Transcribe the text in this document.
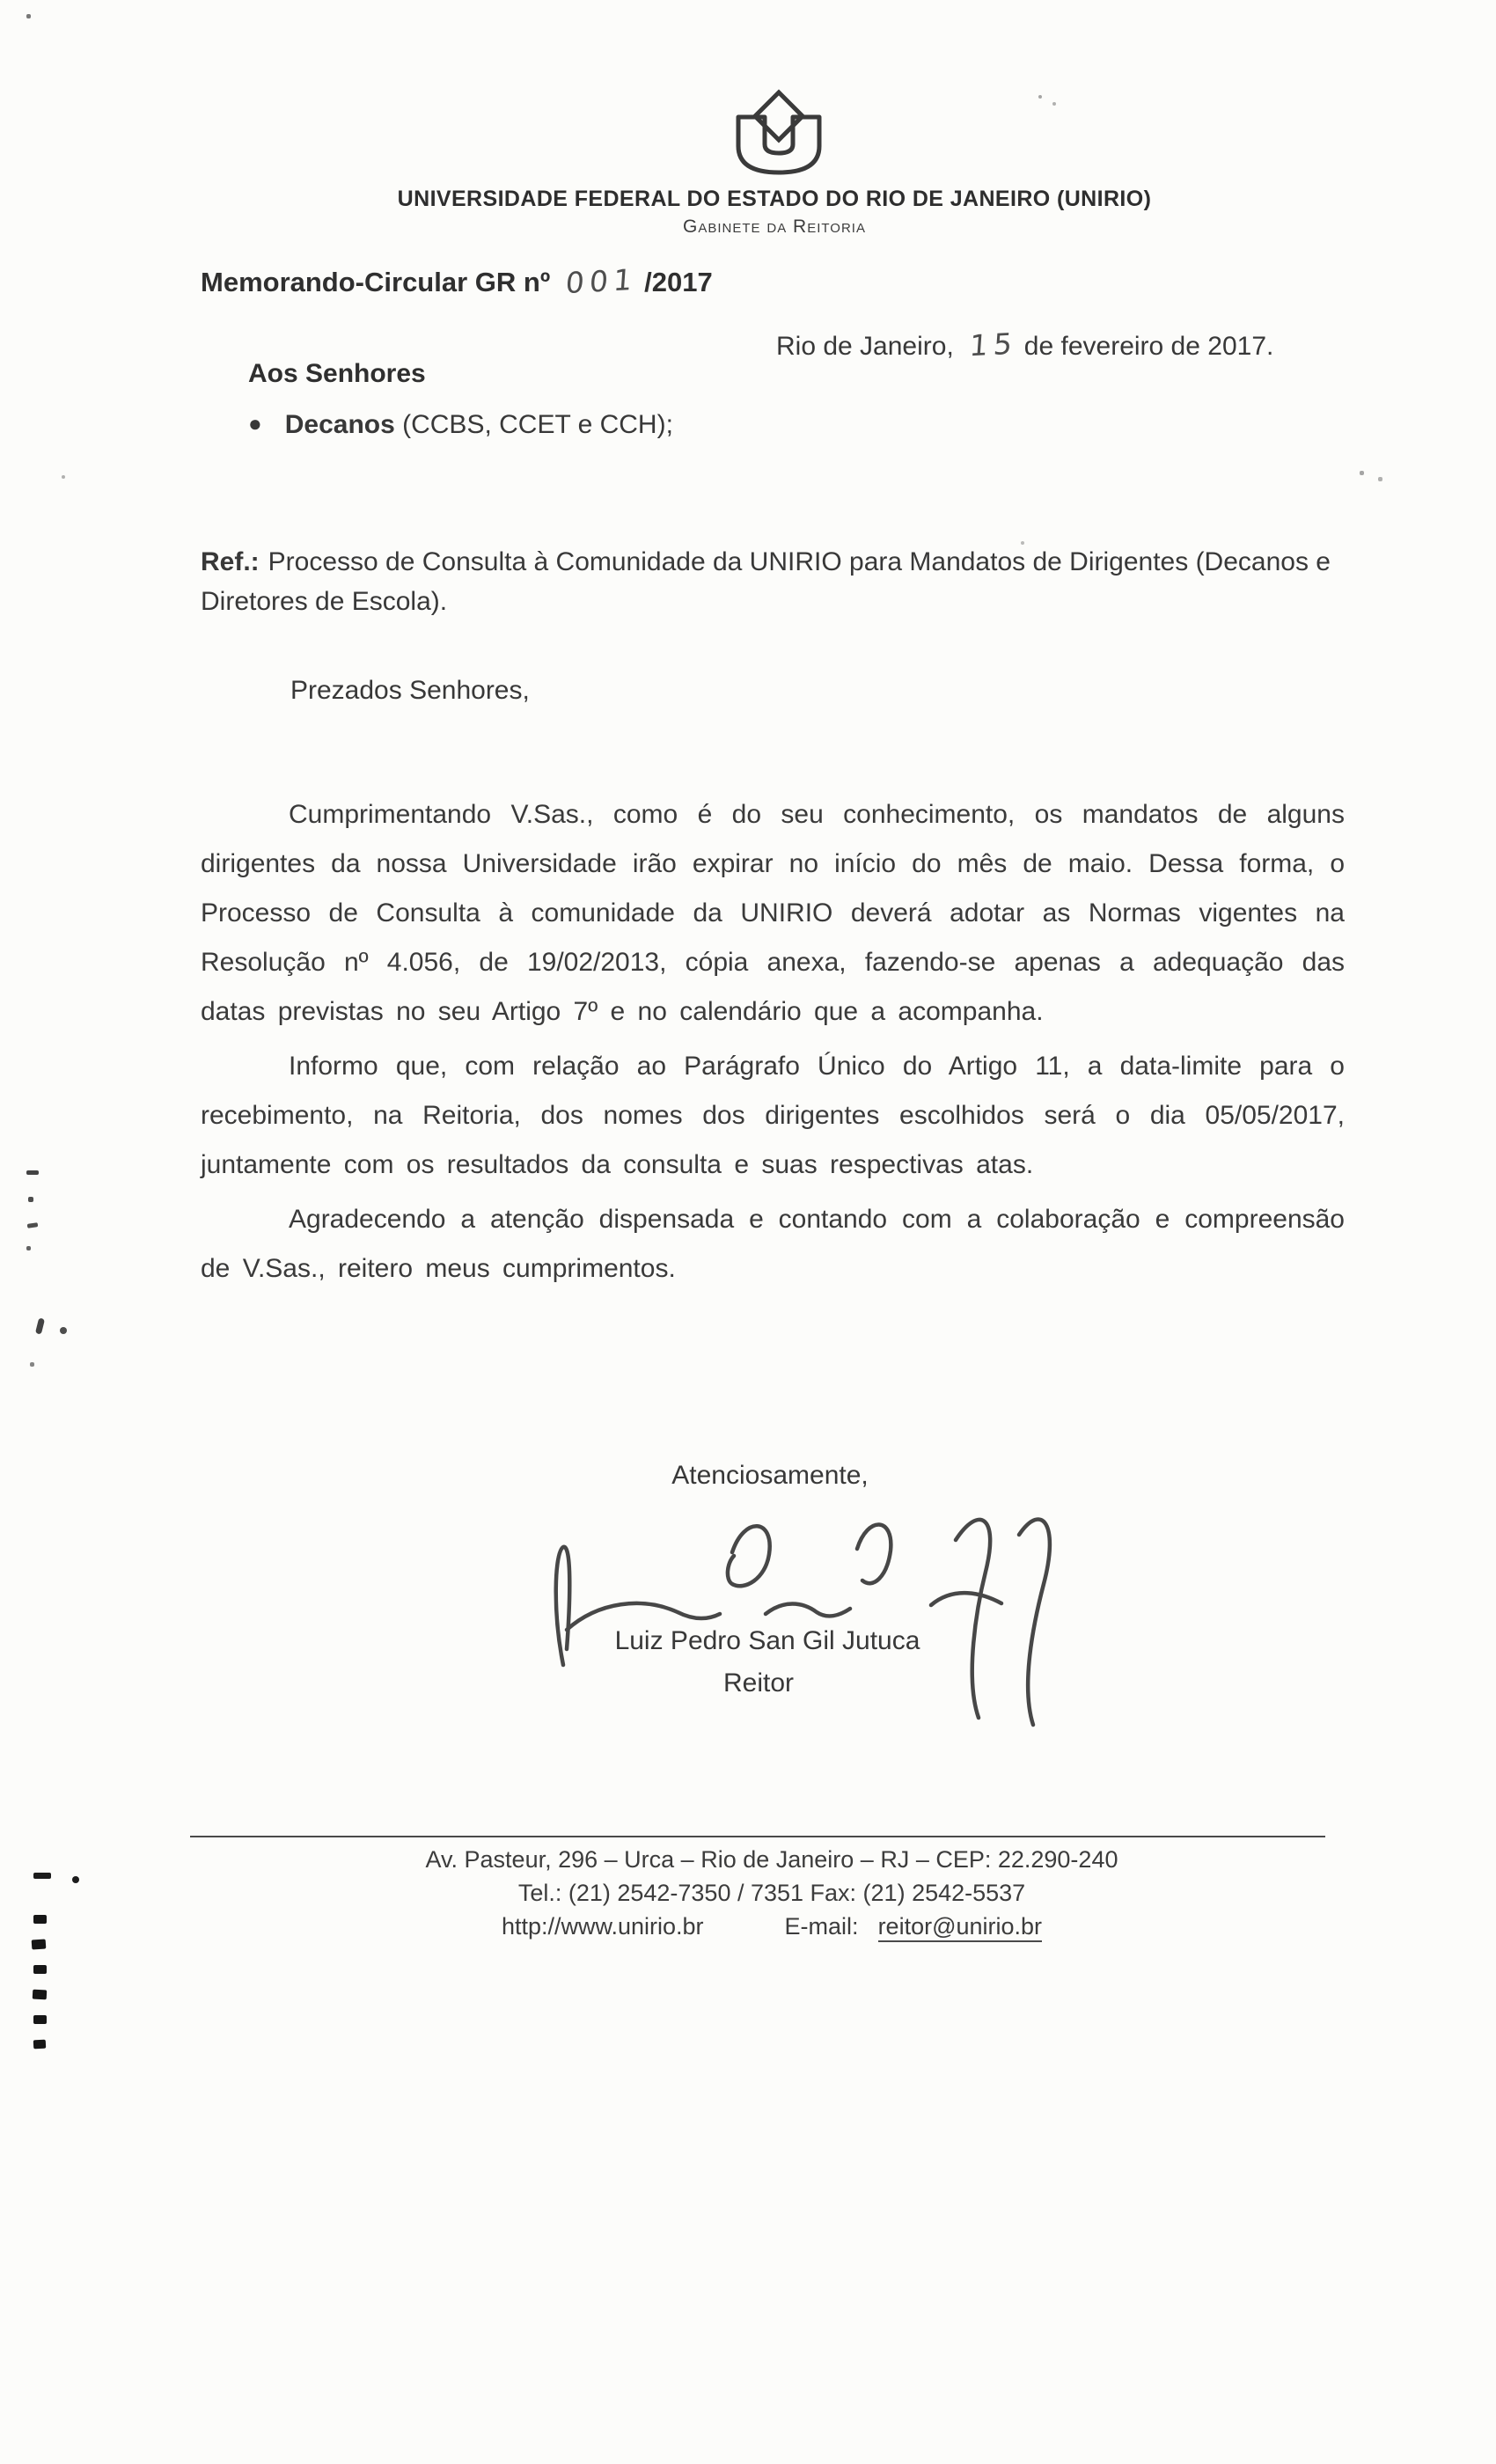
UNIVERSIDADE FEDERAL DO ESTADO DO RIO DE JANEIRO (UNIRIO)
Gabinete da Reitoria
Memorando-Circular GR nº 001 /2017
Rio de Janeiro, 15 de fevereiro de 2017.
Aos Senhores
● Decanos (CCBS, CCET e CCH);
Ref.: Processo de Consulta à Comunidade da UNIRIO para Mandatos de Dirigentes (Decanos e Diretores de Escola).
Prezados Senhores,

Cumprimentando V.Sas., como é do seu conhecimento, os mandatos de alguns dirigentes da nossa Universidade irão expirar no início do mês de maio. Dessa forma, o Processo de Consulta à comunidade da UNIRIO deverá adotar as Normas vigentes na Resolução nº 4.056, de 19/02/2013, cópia anexa, fazendo-se apenas a adequação das datas previstas no seu Artigo 7º e no calendário que a acompanha.

Informo que, com relação ao Parágrafo Único do Artigo 11, a data-limite para o recebimento, na Reitoria, dos nomes dos dirigentes escolhidos será o dia 05/05/2017, juntamente com os resultados da consulta e suas respectivas atas.

Agradecendo a atenção dispensada e contando com a colaboração e compreensão de V.Sas., reitero meus cumprimentos.

Atenciosamente,
Luiz Pedro San Gil Jutuca
Reitor
Av. Pasteur, 296 – Urca – Rio de Janeiro – RJ – CEP: 22.290-240
Tel.: (21) 2542-7350 / 7351 Fax: (21) 2542-5537
http://www.unirio.br	E-mail: reitor@unirio.br
